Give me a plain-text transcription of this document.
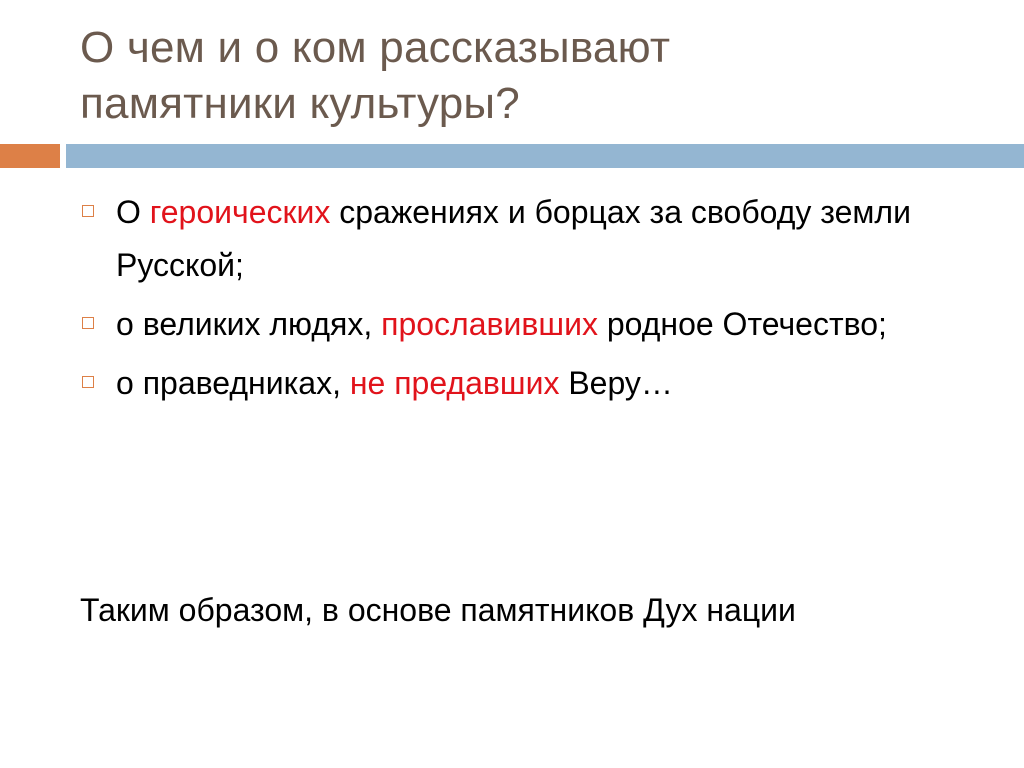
О чем и о ком рассказывают
памятники культуры?
О героических сражениях и борцах за свободу земли Русской;
о великих людях, прославивших родное Отечество;
о праведниках, не предавших Веру…
Таким образом, в основе памятников Дух нации
